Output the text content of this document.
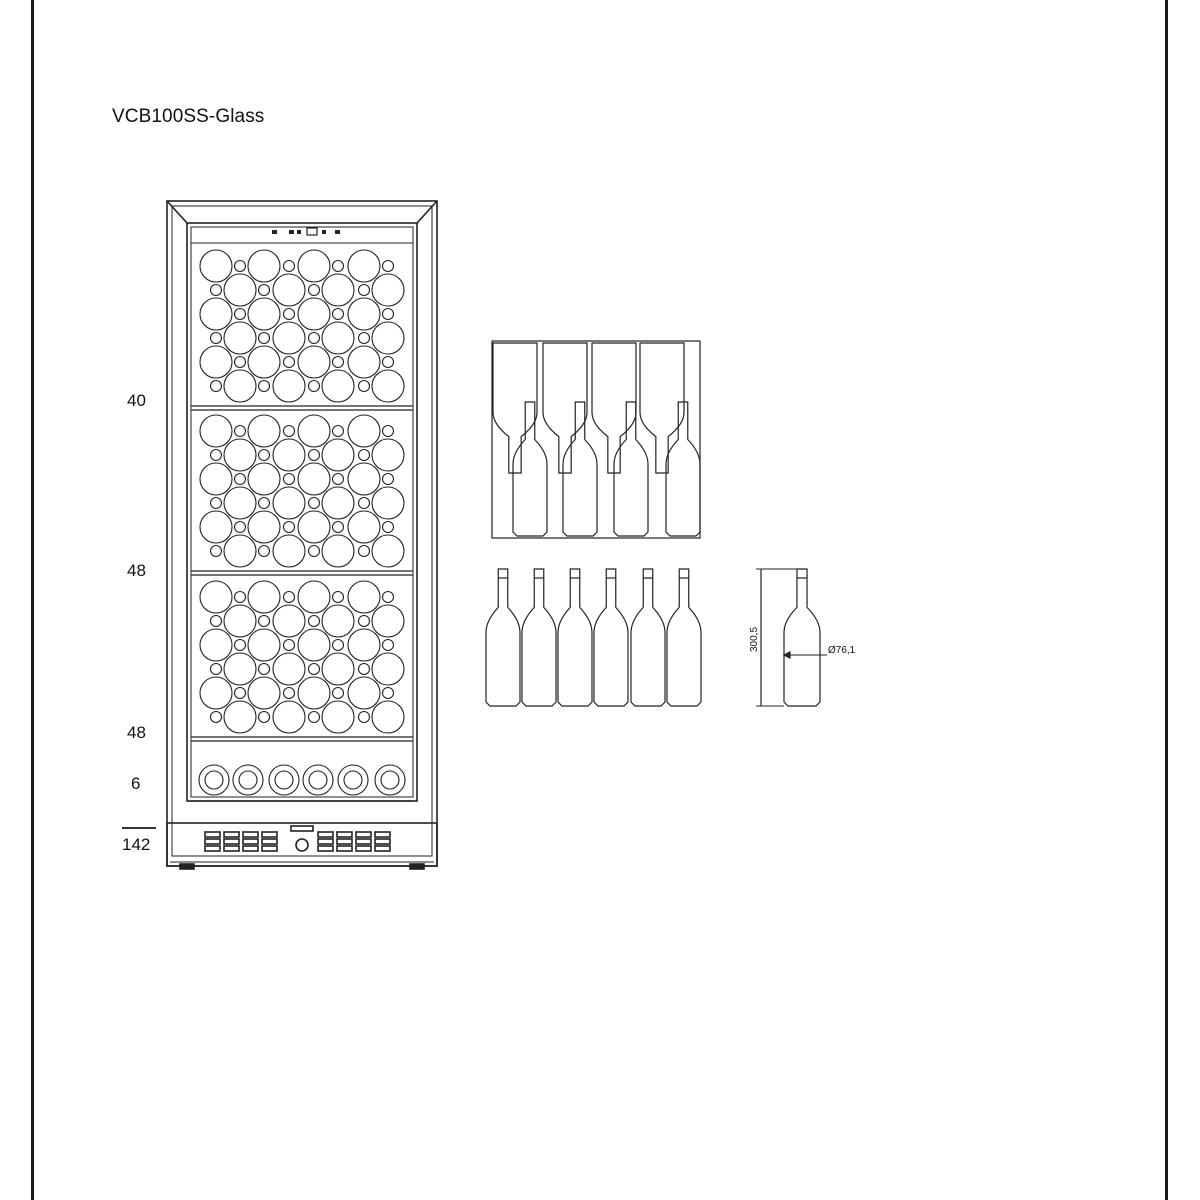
VCB100SS-Glass
40
48
48
6
142
300,5	Ø76,1
